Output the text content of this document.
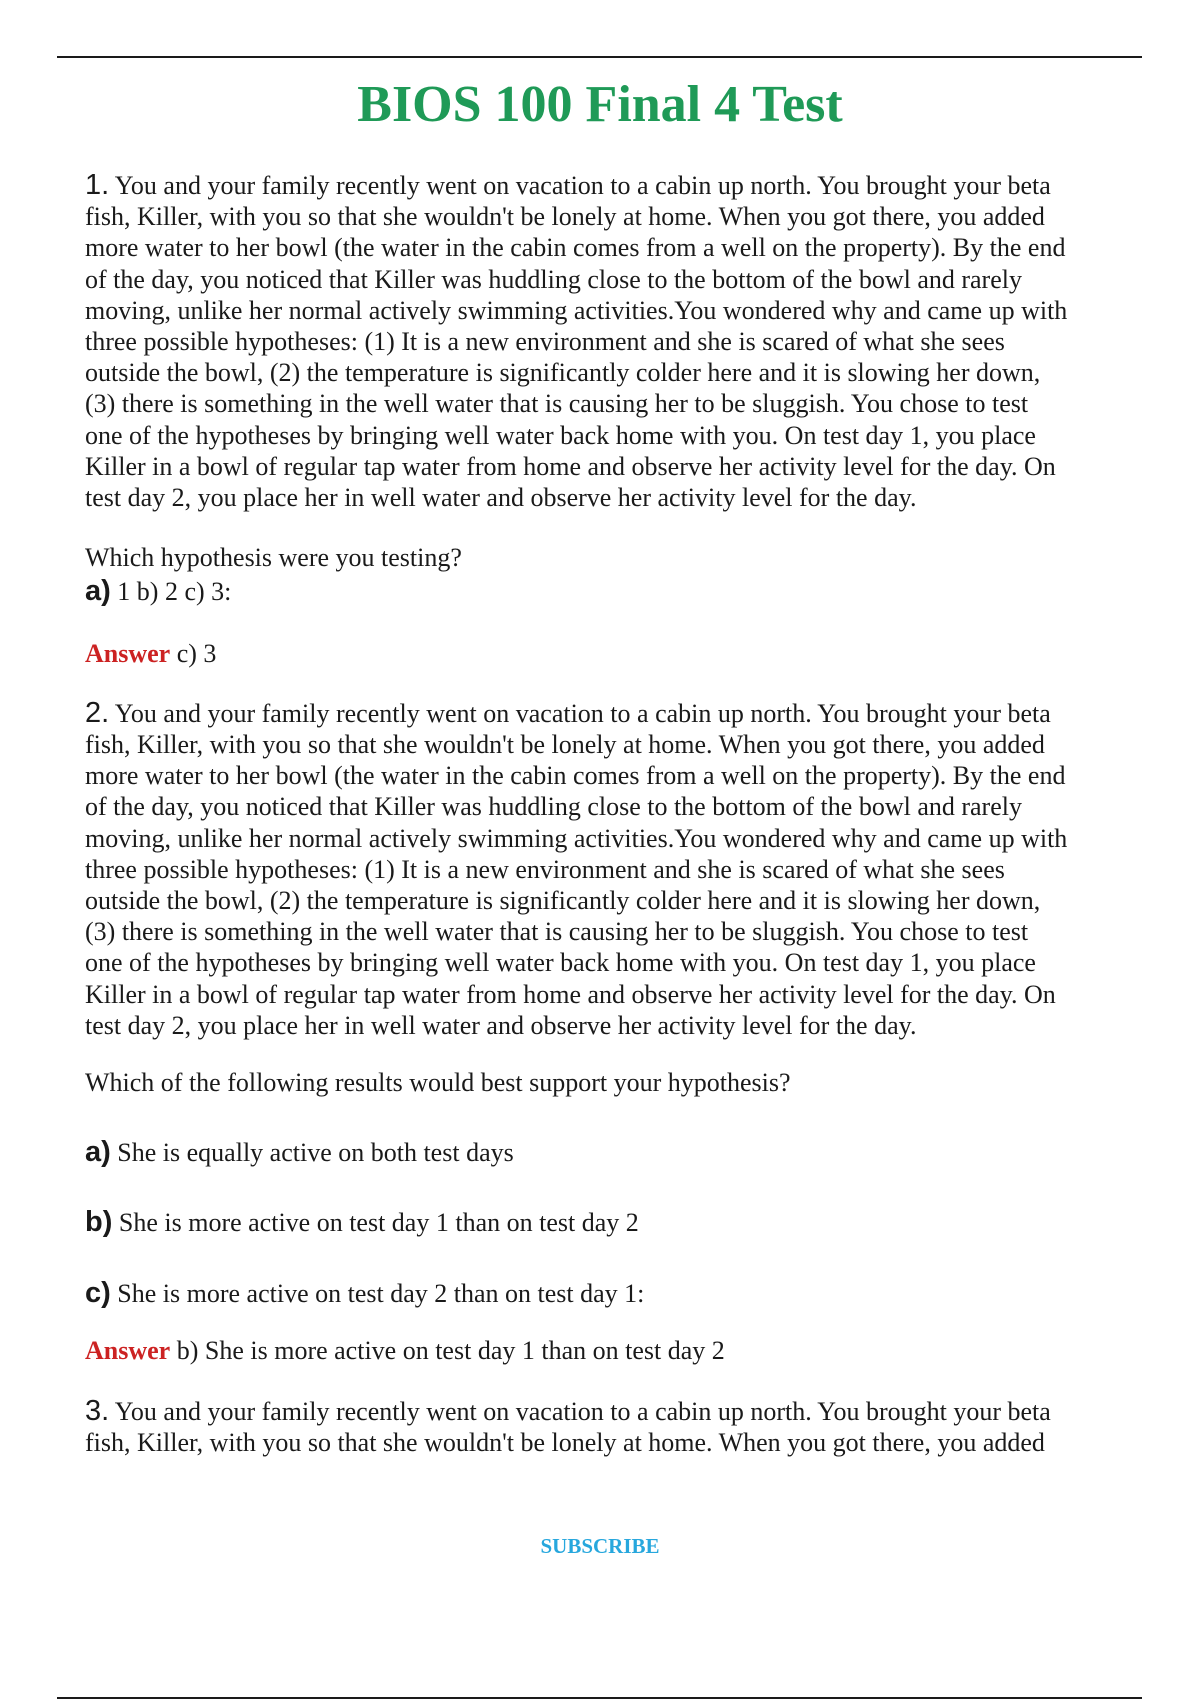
BIOS 100 Final 4 Test
1. You and your family recently went on vacation to a cabin up north. You brought your beta
fish, Killer, with you so that she wouldn't be lonely at home. When you got there, you added
more water to her bowl (the water in the cabin comes from a well on the property). By the end
of the day, you noticed that Killer was huddling close to the bottom of the bowl and rarely
moving, unlike her normal actively swimming activities.You wondered why and came up with
three possible hypotheses: (1) It is a new environment and she is scared of what she sees
outside the bowl, (2) the temperature is significantly colder here and it is slowing her down,
(3) there is something in the well water that is causing her to be sluggish. You chose to test
one of the hypotheses by bringing well water back home with you. On test day 1, you place
Killer in a bowl of regular tap water from home and observe her activity level for the day. On
test day 2, you place her in well water and observe her activity level for the day.
Which hypothesis were you testing?
a) 1 b) 2 c) 3:
Answer c) 3
2. You and your family recently went on vacation to a cabin up north. You brought your beta
fish, Killer, with you so that she wouldn't be lonely at home. When you got there, you added
more water to her bowl (the water in the cabin comes from a well on the property). By the end
of the day, you noticed that Killer was huddling close to the bottom of the bowl and rarely
moving, unlike her normal actively swimming activities.You wondered why and came up with
three possible hypotheses: (1) It is a new environment and she is scared of what she sees
outside the bowl, (2) the temperature is significantly colder here and it is slowing her down,
(3) there is something in the well water that is causing her to be sluggish. You chose to test
one of the hypotheses by bringing well water back home with you. On test day 1, you place
Killer in a bowl of regular tap water from home and observe her activity level for the day. On
test day 2, you place her in well water and observe her activity level for the day.
Which of the following results would best support your hypothesis?
a) She is equally active on both test days
b) She is more active on test day 1 than on test day 2
c) She is more active on test day 2 than on test day 1:
Answer b) She is more active on test day 1 than on test day 2
3. You and your family recently went on vacation to a cabin up north. You brought your beta
fish, Killer, with you so that she wouldn't be lonely at home. When you got there, you added
SUBSCRIBE
